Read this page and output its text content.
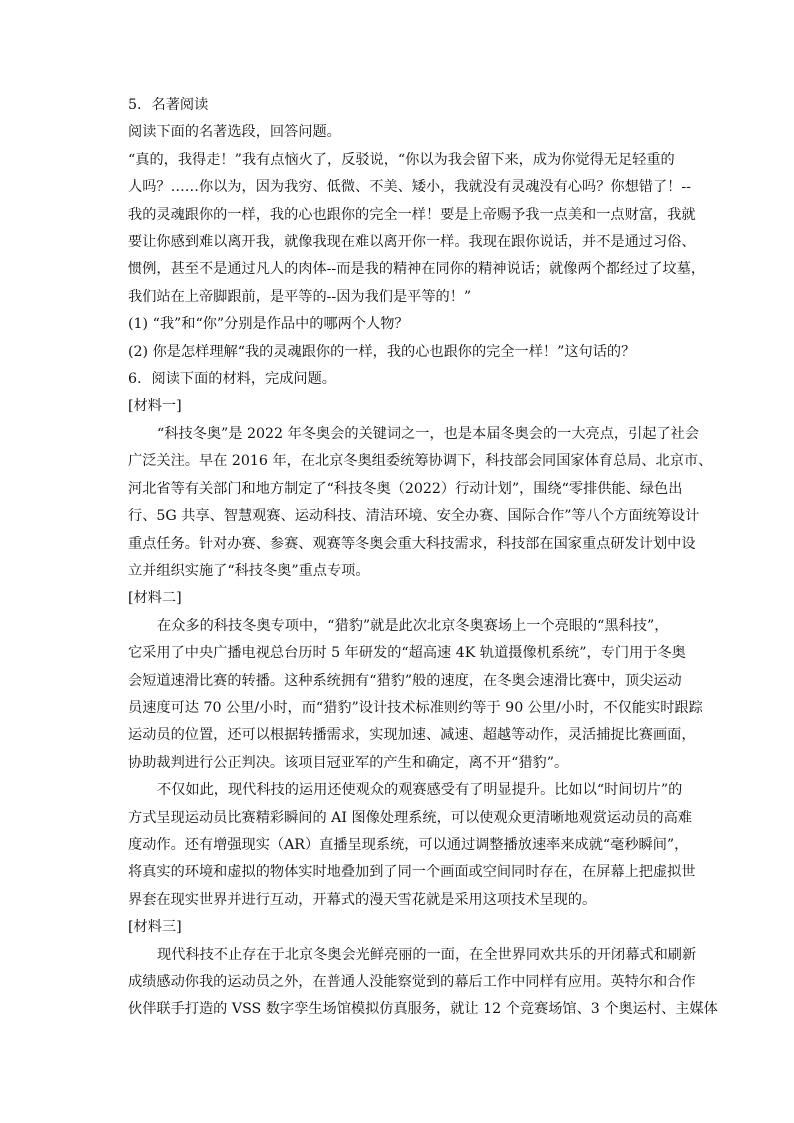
5. 名著阅读
阅读下面的名著选段，回答问题。
“真的，我得走！”我有点恼火了，反驳说，“你以为我会留下来，成为你觉得无足轻重的
人吗？……你以为，因为我穷、低微、不美、矮小，我就没有灵魂没有心吗？你想错了！--
我的灵魂跟你的一样，我的心也跟你的完全一样！要是上帝赐予我一点美和一点财富，我就
要让你感到难以离开我，就像我现在难以离开你一样。我现在跟你说话，并不是通过习俗、
惯例，甚至不是通过凡人的肉体--而是我的精神在同你的精神说话；就像两个都经过了坟墓，
我们站在上帝脚跟前，是平等的--因为我们是平等的！”
(1) “我”和“你”分别是作品中的哪两个人物？
(2) 你是怎样理解“我的灵魂跟你的一样，我的心也跟你的完全一样！”这句话的？
6. 阅读下面的材料，完成问题。
[材料一]
“科技冬奥”是 2022 年冬奥会的关键词之一，也是本届冬奥会的一大亮点，引起了社会
广泛关注。早在 2016 年，在北京冬奥组委统筹协调下，科技部会同国家体育总局、北京市、
河北省等有关部门和地方制定了“科技冬奥（2022）行动计划”，围绕“零排供能、绿色出
行、5G 共享、智慧观赛、运动科技、清洁环境、安全办赛、国际合作”等八个方面统筹设计
重点任务。针对办赛、参赛、观赛等冬奥会重大科技需求，科技部在国家重点研发计划中设
立并组织实施了“科技冬奥”重点专项。
[材料二]
在众多的科技冬奥专项中，“猎豹”就是此次北京冬奥赛场上一个亮眼的“黑科技”，
它采用了中央广播电视总台历时 5 年研发的“超高速 4K 轨道摄像机系统”，专门用于冬奥
会短道速滑比赛的转播。这种系统拥有“猎豹”般的速度，在冬奥会速滑比赛中，顶尖运动
员速度可达 70 公里/小时，而“猎豹”设计技术标准则约等于 90 公里/小时，不仅能实时跟踪
运动员的位置，还可以根据转播需求，实现加速、减速、超越等动作，灵活捕捉比赛画面，
协助裁判进行公正判决。该项目冠亚军的产生和确定，离不开“猎豹”。
不仅如此，现代科技的运用还使观众的观赛感受有了明显提升。比如以“时间切片”的
方式呈现运动员比赛精彩瞬间的 AI 图像处理系统，可以使观众更清晰地观赏运动员的高难
度动作。还有增强现实（AR）直播呈现系统，可以通过调整播放速率来成就“毫秒瞬间”，
将真实的环境和虚拟的物体实时地叠加到了同一个画面或空间同时存在，在屏幕上把虚拟世
界套在现实世界并进行互动，开幕式的漫天雪花就是采用这项技术呈现的。
[材料三]
现代科技不止存在于北京冬奥会光鲜亮丽的一面，在全世界同欢共乐的开闭幕式和刷新
成绩感动你我的运动员之外，在普通人没能察觉到的幕后工作中同样有应用。英特尔和合作
伙伴联手打造的 VSS 数字孪生场馆模拟仿真服务，就让 12 个竞赛场馆、3 个奥运村、主媒体
